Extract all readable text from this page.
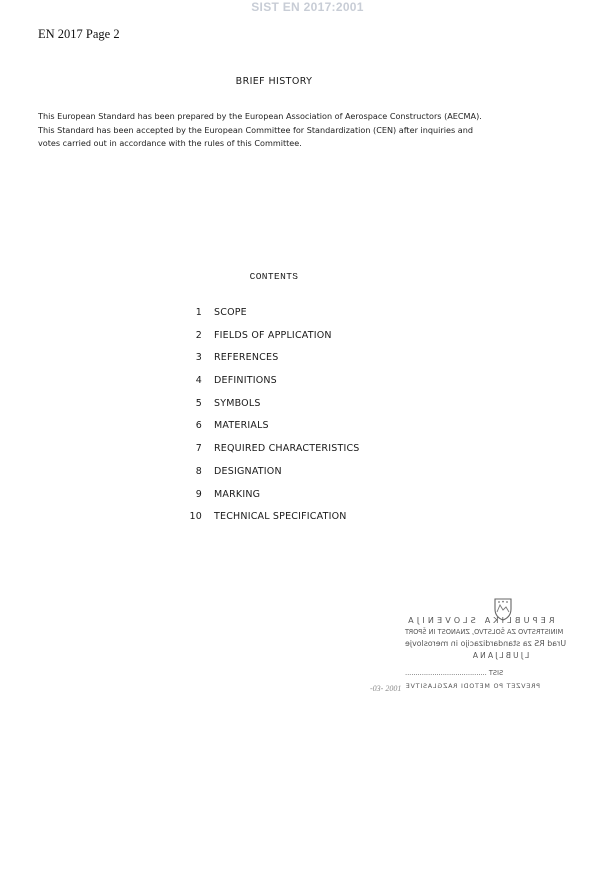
SIST EN 2017:2001
EN 2017 Page 2
BRIEF HISTORY

This European Standard has been prepared by the European Association of Aerospace Constructors (AECMA).

This Standard has been accepted by the European Committee for Standardization (CEN) after inquiries and

votes carried out in accordance with the rules of this Committee.

CONTENTS
1 SCOPE
2 FIELDS OF APPLICATION
3 REFERENCES
4 DEFINITIONS
5 SYMBOLS
6 MATERIALS
7 REQUIRED CHARACTERISTICS
8 DESIGNATION
9 MARKING
10 TECHNICAL SPECIFICATION
REPUBLIKA SLOVENIJA
MINISTRSTVO ZA ŠOLSTVO, ZNANOST IN ŠPORT
Urad RS za standardizacijo in meroslovje
LJUBLJANA
SIST .......................................
PREVZET PO METODI RAZGLASITVE
-03- 2001
